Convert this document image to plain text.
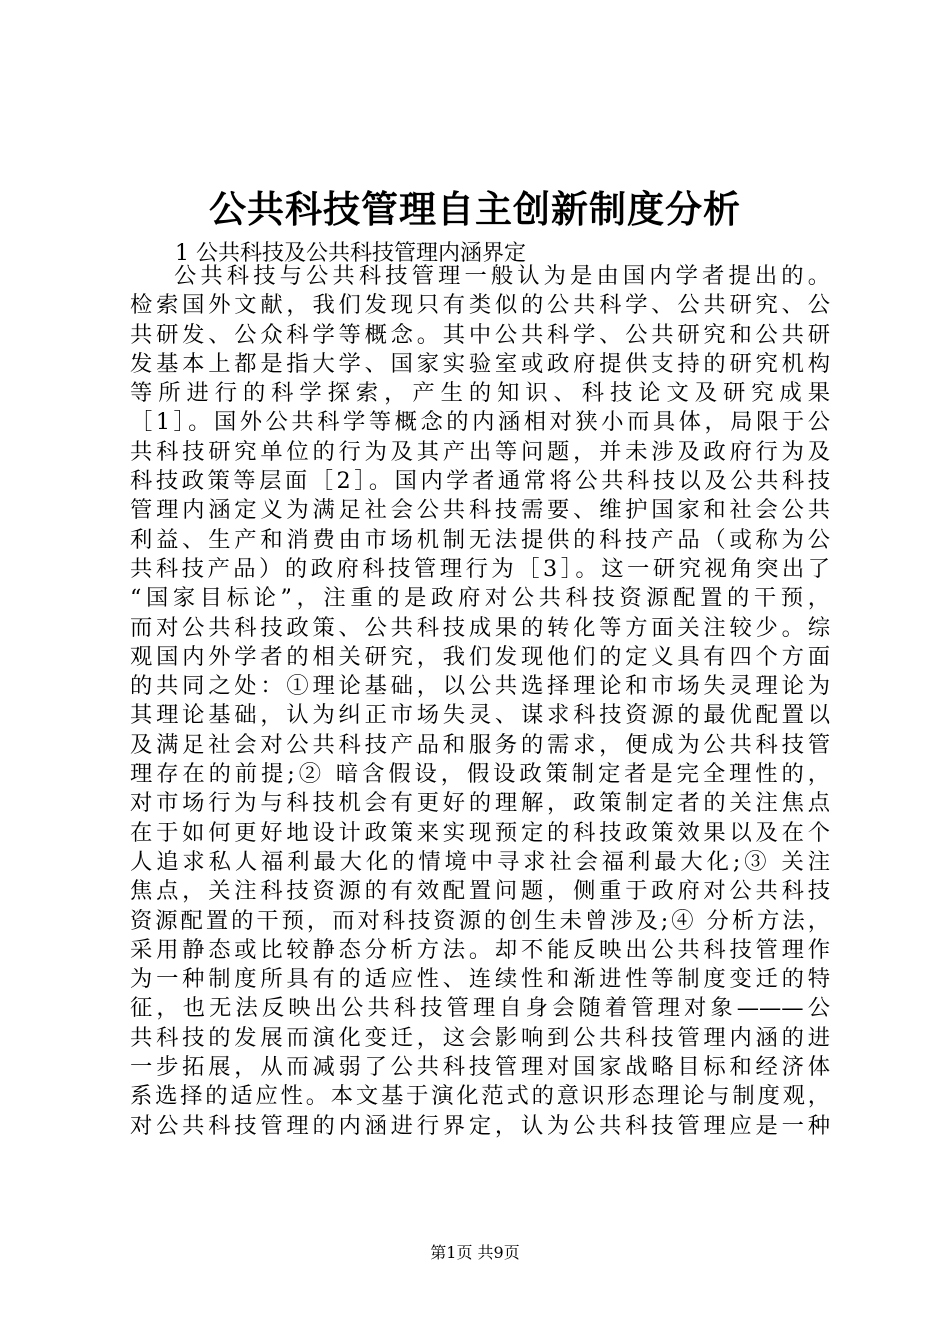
公共科技管理自主创新制度分析
1 公共科技及公共科技管理内涵界定
公共科技与公共科技管理一般认为是由国内学者提出的。
检索国外文献，我们发现只有类似的公共科学、公共研究、公
共研发、公众科学等概念。其中公共科学、公共研究和公共研
发基本上都是指大学、国家实验室或政府提供支持的研究机构
等所进行的科学探索，产生的知识、科技论文及研究成果
［1］。国外公共科学等概念的内涵相对狭小而具体，局限于公
共科技研究单位的行为及其产出等问题，并未涉及政府行为及
科技政策等层面［2］。国内学者通常将公共科技以及公共科技
管理内涵定义为满足社会公共科技需要、维护国家和社会公共
利益、生产和消费由市场机制无法提供的科技产品（或称为公
共科技产品）的政府科技管理行为［3］。这一研究视角突出了
“国家目标论”，注重的是政府对公共科技资源配置的干预，
而对公共科技政策、公共科技成果的转化等方面关注较少。综
观国内外学者的相关研究，我们发现他们的定义具有四个方面
的共同之处：①理论基础，以公共选择理论和市场失灵理论为
其理论基础，认为纠正市场失灵、谋求科技资源的最优配置以
及满足社会对公共科技产品和服务的需求，便成为公共科技管
理存在的前提;② 暗含假设，假设政策制定者是完全理性的，
对市场行为与科技机会有更好的理解，政策制定者的关注焦点
在于如何更好地设计政策来实现预定的科技政策效果以及在个
人追求私人福利最大化的情境中寻求社会福利最大化;③ 关注
焦点，关注科技资源的有效配置问题，侧重于政府对公共科技
资源配置的干预，而对科技资源的创生未曾涉及;④ 分析方法，
采用静态或比较静态分析方法。却不能反映出公共科技管理作
为一种制度所具有的适应性、连续性和渐进性等制度变迁的特
征，也无法反映出公共科技管理自身会随着管理对象———公
共科技的发展而演化变迁，这会影响到公共科技管理内涵的进
一步拓展，从而减弱了公共科技管理对国家战略目标和经济体
系选择的适应性。本文基于演化范式的意识形态理论与制度观，
对公共科技管理的内涵进行界定，认为公共科技管理应是一种
第1页 共9页
